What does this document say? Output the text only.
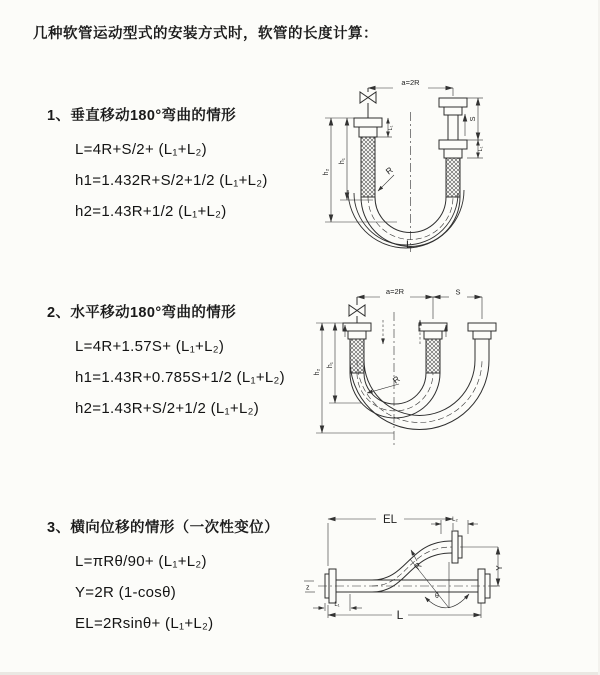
几种软管运动型式的安装方式时，软管的长度计算：
1、垂直移动180°弯曲的情形
L=4R+S/2+ (L₁+L₂)
h1=1.432R+S/2+1/2 (L₁+L₂)
h2=1.43R+1/2 (L₁+L₂)
2、水平移动180°弯曲的情形
L=4R+1.57S+ (L₁+L₂)
h1=1.43R+0.785S+1/2 (L₁+L₂)
h2=1.43R+S/2+1/2 (L₁+L₂)
3、横向位移的情形（一次性变位）
L=πRθ/90+ (L₁+L₂)
Y=2R (1-cosθ)
EL=2Rsinθ+ (L₁+L₂)
a=2R
h₁
h₂
L₁
S
L₁
R
L
a=2R	S
h₁
h₂
R
EL	L₂
Y
R
θ
L
L₁
z
